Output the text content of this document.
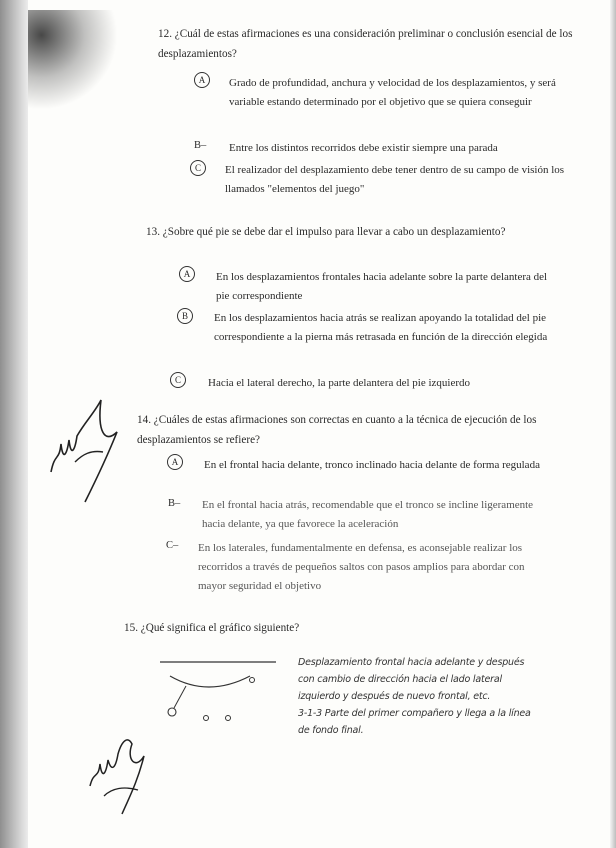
12. ¿Cuál de estas afirmaciones es una consideración preliminar o conclusión esencial de los desplazamientos?
A	Grado de profundidad, anchura y velocidad de los desplazamientos, y será variable estando determinado por el objetivo que se quiera conseguir
B– Entre los distintos recorridos debe existir siempre una parada
C	El realizador del desplazamiento debe tener dentro de su campo de visión los llamados "elementos del juego"
13. ¿Sobre qué pie se debe dar el impulso para llevar a cabo un desplazamiento?
A	En los desplazamientos frontales hacia adelante sobre la parte delantera del pie correspondiente
B	En los desplazamientos hacia atrás se realizan apoyando la totalidad del pie correspondiente a la pierna más retrasada en función de la dirección elegida
C	Hacia el lateral derecho, la parte delantera del pie izquierdo
14. ¿Cuáles de estas afirmaciones son correctas en cuanto a la técnica de ejecución de los desplazamientos se refiere?
A	En el frontal hacia delante, tronco inclinado hacia delante de forma regulada
B– En el frontal hacia atrás, recomendable que el tronco se incline ligeramente hacia delante, ya que favorece la aceleración
C– En los laterales, fundamentalmente en defensa, es aconsejable realizar los recorridos a través de pequeños saltos con pasos amplios para abordar con mayor seguridad el objetivo
15. ¿Qué significa el gráfico siguiente?
Desplazamiento frontal hacia adelante y después
con cambio de dirección hacia el lado lateral
izquierdo y después de nuevo frontal, etc.
3-1-3 Parte del primer compañero y llega a la línea
de fondo final.
